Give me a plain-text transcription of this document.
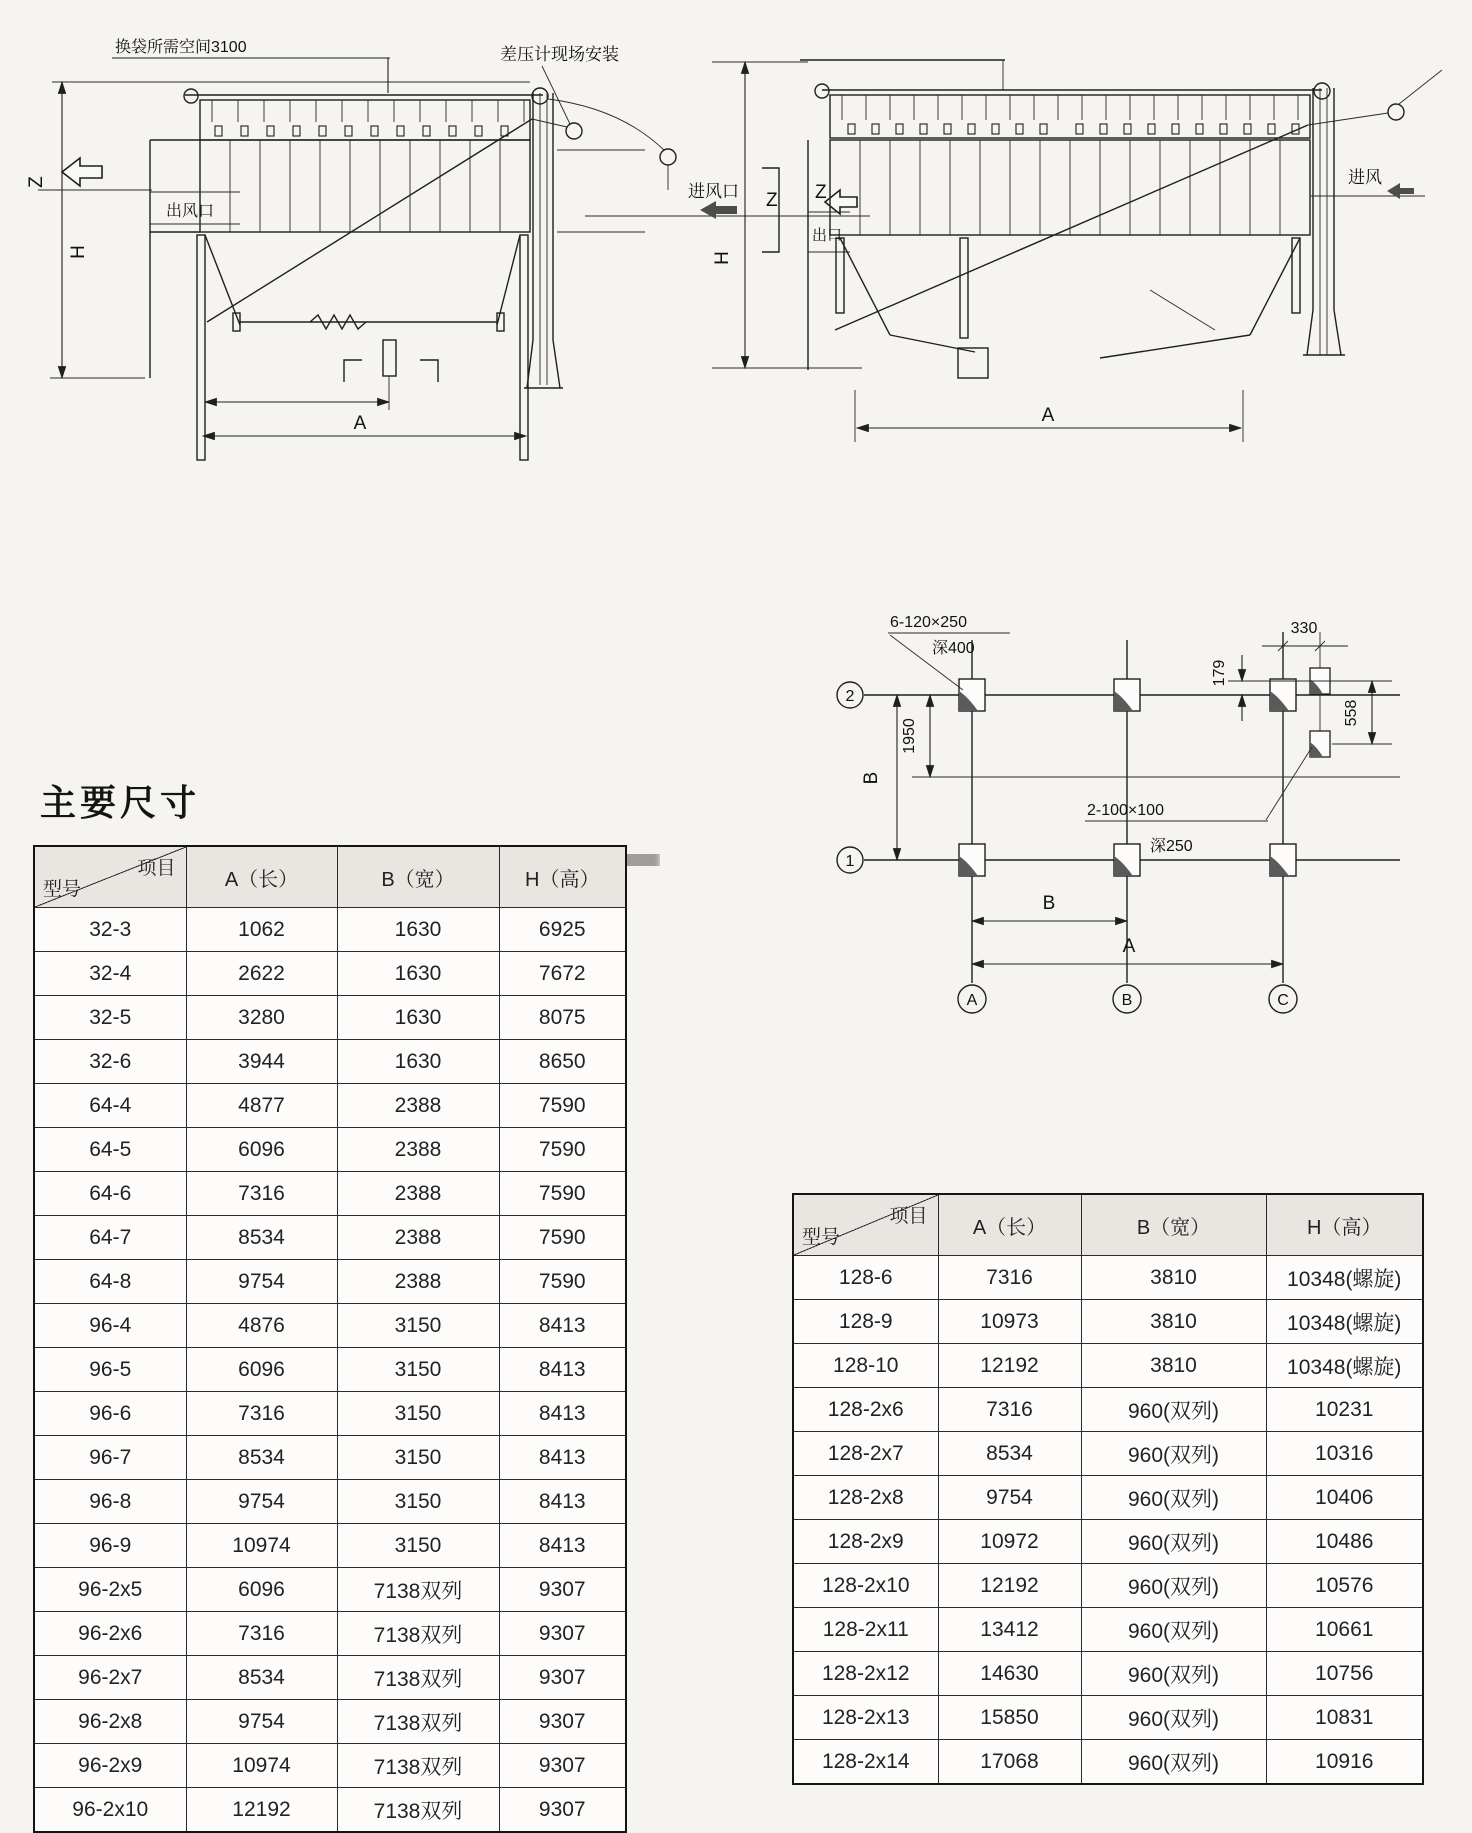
换袋所需空间3100	差压计现场安装
Z
H
出风口
A
进风口 Z Z
出口
H
进风
A
6-120×250
深400
330
179
558
1950
B
2-100×100
深250
2
1
B
A
A	B	C
主要尺寸
项目
型号	A（长）	B（宽）	H（高）
32-3	1062	1630	6925
32-4	2622	1630	7672
32-5	3280	1630	8075
32-6	3944	1630	8650
64-4	4877	2388	7590
64-5	6096	2388	7590
64-6	7316	2388	7590
64-7	8534	2388	7590
64-8	9754	2388	7590
96-4	4876	3150	8413
96-5	6096	3150	8413
96-6	7316	3150	8413
96-7	8534	3150	8413
96-8	9754	3150	8413
96-9	10974	3150	8413
96-2x5	6096	7138双列	9307
96-2x6	7316	7138双列	9307
96-2x7	8534	7138双列	9307
96-2x8	9754	7138双列	9307
96-2x9	10974	7138双列	9307
96-2x10	12192	7138双列	9307
项目
型号	A（长）	B（宽）	H（高）
128-6	7316	3810	10348(螺旋)
128-9	10973	3810	10348(螺旋)
128-10	12192	3810	10348(螺旋)
128-2x6	7316	960(双列)	10231
128-2x7	8534	960(双列)	10316
128-2x8	9754	960(双列)	10406
128-2x9	10972	960(双列)	10486
128-2x10	12192	960(双列)	10576
128-2x11	13412	960(双列)	10661
128-2x12	14630	960(双列)	10756
128-2x13	15850	960(双列)	10831
128-2x14	17068	960(双列)	10916
